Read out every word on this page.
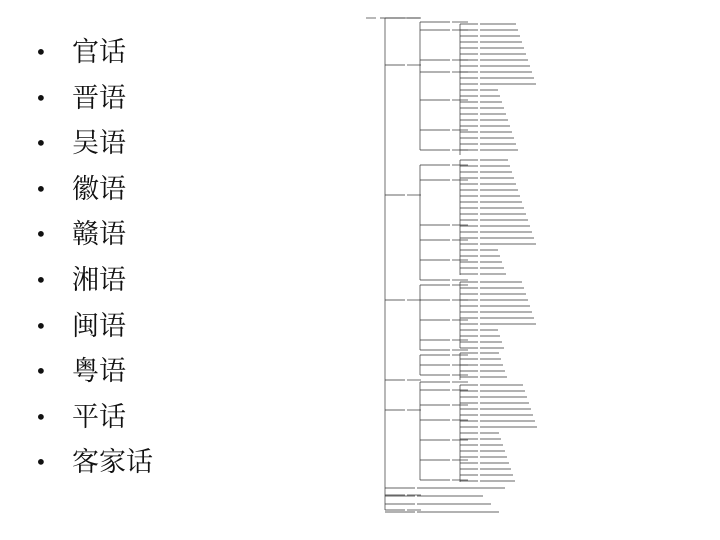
• 官话
• 晋语
• 吴语
• 徽语
• 赣语
• 湘语
• 闽语
• 粤语
• 平话
• 客家话
